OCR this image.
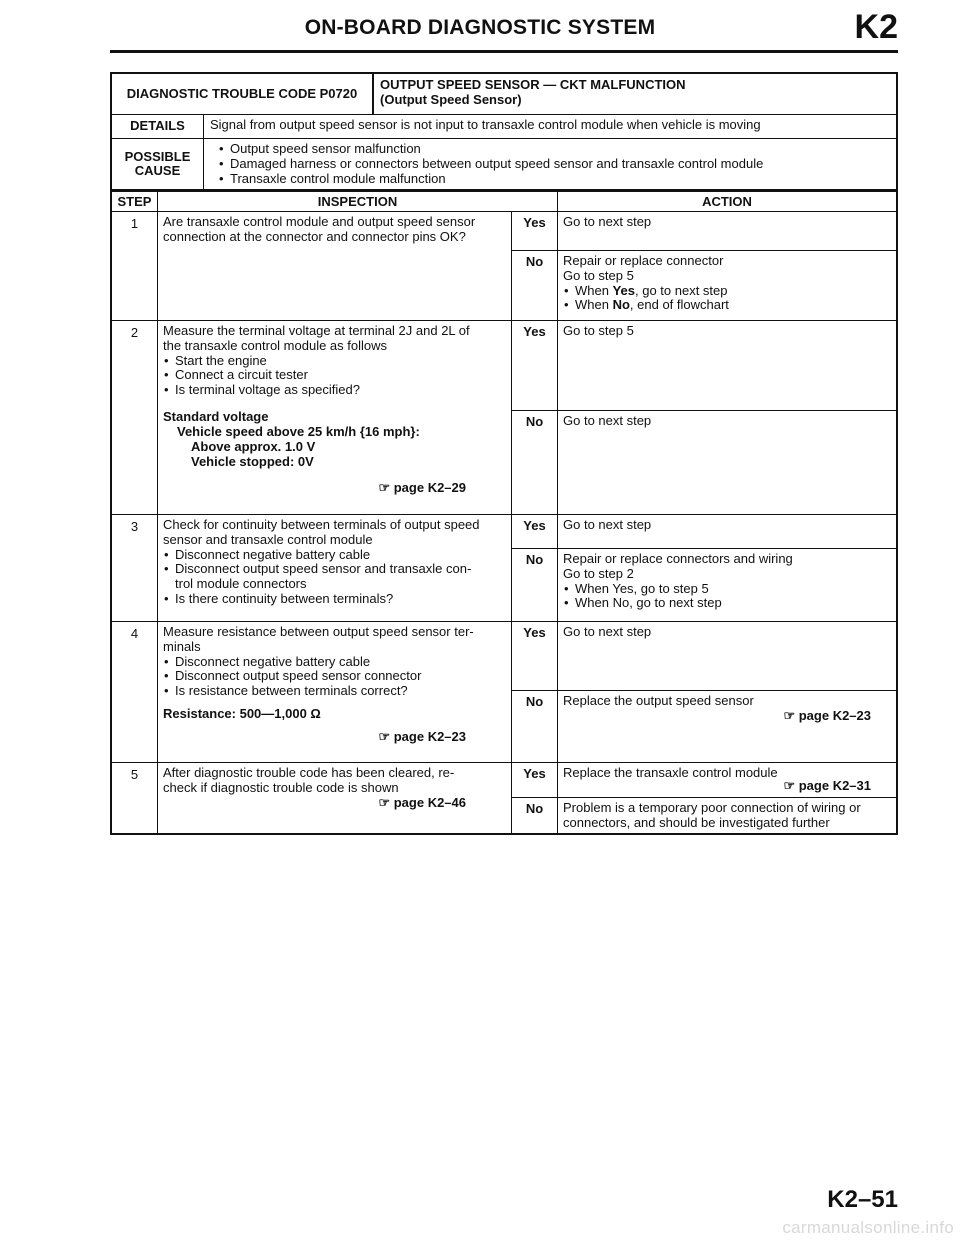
ON-BOARD DIAGNOSTIC SYSTEM	K2
DIAGNOSTIC TROUBLE CODE P0720
OUTPUT SPEED SENSOR — CKT MALFUNCTION
(Output Speed Sensor)
DETAILS	Signal from output speed sensor is not input to transaxle control module when vehicle is moving
POSSIBLE
CAUSE
• Output speed sensor malfunction
• Damaged harness or connectors between output speed sensor and transaxle control module
• Transaxle control module malfunction
STEP	INSPECTION	ACTION
1	Are transaxle control module and output speed sensor
connection at the connector and connector pins OK?
Yes	Go to next step
No	Repair or replace connector
Go to step 5
• When Yes, go to next step
• When No, end of flowchart
2	Measure the terminal voltage at terminal 2J and 2L of
the transaxle control module as follows
• Start the engine
• Connect a circuit tester
• Is terminal voltage as specified?
Standard voltage
Vehicle speed above 25 km/h {16 mph}:
Above approx. 1.0 V
Vehicle stopped: 0V
☞ page K2–29
Yes	Go to step 5
No	Go to next step
3	Check for continuity between terminals of output speed
sensor and transaxle control module
• Disconnect negative battery cable
• Disconnect output speed sensor and transaxle con-
trol module connectors
• Is there continuity between terminals?
Yes	Go to next step
No	Repair or replace connectors and wiring
Go to step 2
• When Yes, go to step 5
• When No, go to next step
4	Measure resistance between output speed sensor ter-
minals
• Disconnect negative battery cable
• Disconnect output speed sensor connector
• Is resistance between terminals correct?
Resistance: 500—1,000 Ω
☞ page K2–23
Yes	Go to next step
No	Replace the output speed sensor
☞ page K2–23
5	After diagnostic trouble code has been cleared, re-
check if diagnostic trouble code is shown
☞ page K2–46
Yes	Replace the transaxle control module
☞ page K2–31
No	Problem is a temporary poor connection of wiring or
connectors, and should be investigated further
K2–51
carmanualsonline.info
